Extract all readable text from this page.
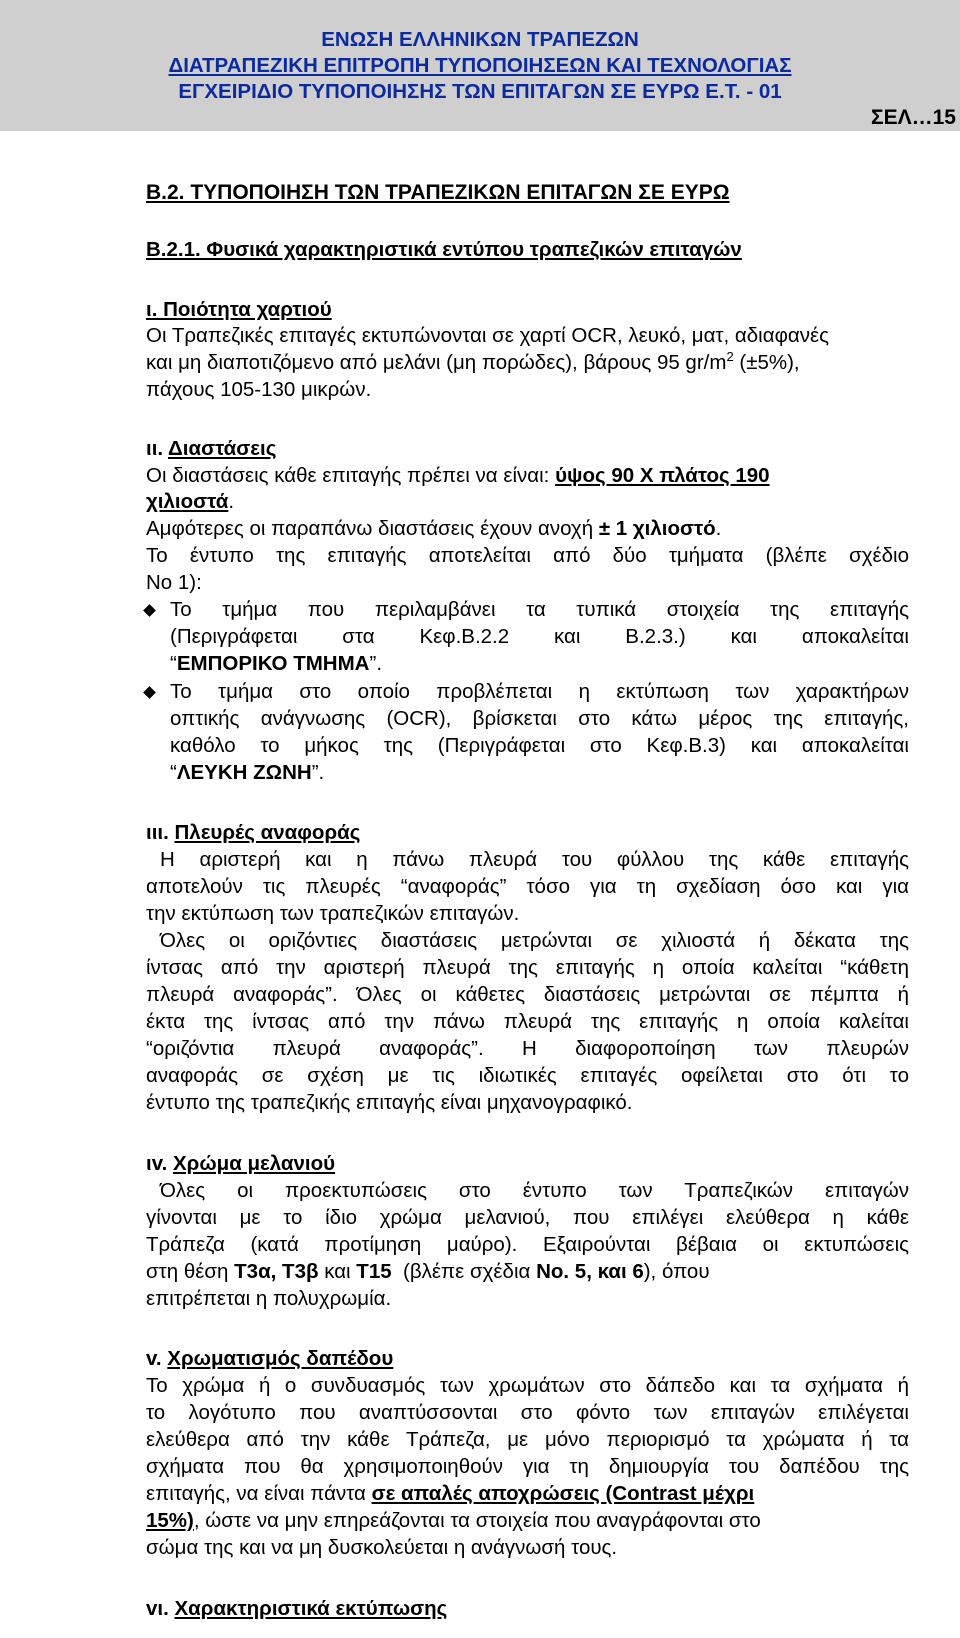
ΕΝΩΣΗ ΕΛΛΗΝΙΚΩΝ ΤΡΑΠΕΖΩΝ
ΔΙΑΤΡΑΠΕΖΙΚΗ ΕΠΙΤΡΟΠΗ ΤΥΠΟΠΟΙΗΣΕΩΝ ΚΑΙ ΤΕΧΝΟΛΟΓΙΑΣ
ΕΓΧΕΙΡΙΔΙΟ ΤΥΠΟΠΟΙΗΣΗΣ ΤΩΝ ΕΠΙΤΑΓΩΝ ΣΕ ΕΥΡΩ Ε.Τ. - 01
ΣΕΛ…15
Β.2. ΤΥΠΟΠΟΙΗΣΗ ΤΩΝ ΤΡΑΠΕΖΙΚΩΝ ΕΠΙΤΑΓΩΝ ΣΕ ΕΥΡΩ
Β.2.1. Φυσικά χαρακτηριστικά εντύπου τραπεζικών επιταγών
ι. Ποιότητα χαρτιού
Οι Τραπεζικές επιταγές εκτυπώνονται σε χαρτί OCR, λευκό, ματ, αδιαφανές
και μη διαποτιζόμενο από μελάνι (μη πορώδες), βάρους 95 $gr/m^2$ (±5%),
πάχους 105-130 μικρών.
ιι. Διαστάσεις
Οι διαστάσεις κάθε επιταγής πρέπει να είναι: ύψος 90 Χ πλάτος 190
χιλιοστά.
Αμφότερες οι παραπάνω διαστάσεις έχουν ανοχή ± 1 χιλιοστό.
Το έντυπο της επιταγής αποτελείται από δύο τμήματα (βλέπε σχέδιο
Νο 1):
Το τμήμα που περιλαμβάνει τα τυπικά στοιχεία της επιταγής
(Περιγράφεται στα Κεφ.Β.2.2 και Β.2.3.) και αποκαλείται
“ΕΜΠΟΡΙΚΟ ΤΜΗΜΑ”.
Το τμήμα στο οποίο προβλέπεται η εκτύπωση των χαρακτήρων
οπτικής ανάγνωσης (OCR), βρίσκεται στο κάτω μέρος της επιταγής,
καθόλο το μήκος της (Περιγράφεται στο Κεφ.Β.3) και αποκαλείται
“ΛΕΥΚΗ ΖΩΝΗ”.
ιιι. Πλευρές αναφοράς
Η αριστερή και η πάνω πλευρά του φύλλου της κάθε επιταγής
αποτελούν τις πλευρές “αναφοράς” τόσο για τη σχεδίαση όσο και για
την εκτύπωση των τραπεζικών επιταγών.
Όλες οι οριζόντιες διαστάσεις μετρώνται σε χιλιοστά ή δέκατα της
ίντσας από την αριστερή πλευρά της επιταγής η οποία καλείται “κάθετη
πλευρά αναφοράς”. Όλες οι κάθετες διαστάσεις μετρώνται σε πέμπτα ή
έκτα της ίντσας από την πάνω πλευρά της επιταγής η οποία καλείται
“οριζόντια πλευρά αναφοράς”. Η διαφοροποίηση των πλευρών
αναφοράς σε σχέση με τις ιδιωτικές επιταγές οφείλεται στο ότι το
έντυπο της τραπεζικής επιταγής είναι μηχανογραφικό.
ιv. Χρώμα μελανιού
Όλες οι προεκτυπώσεις στο έντυπο των Τραπεζικών επιταγών
γίνονται με το ίδιο χρώμα μελανιού, που επιλέγει ελεύθερα η κάθε
Τράπεζα (κατά προτίμηση μαύρο). Εξαιρούνται βέβαια οι εκτυπώσεις
στη θέση Τ3α, Τ3β και Τ15  (βλέπε σχέδια Νο. 5, και 6), όπου
επιτρέπεται η πολυχρωμία.
v. Χρωματισμός δαπέδου
Το χρώμα ή ο συνδυασμός των χρωμάτων στο δάπεδο και τα σχήματα ή
το λογότυπο που αναπτύσσονται στο φόντο των επιταγών επιλέγεται
ελεύθερα από την κάθε Τράπεζα, με μόνο περιορισμό τα χρώματα ή τα
σχήματα που θα χρησιμοποιηθούν για τη δημιουργία του δαπέδου της
επιταγής, να είναι πάντα σε απαλές αποχρώσεις (Contrast μέχρι
15%), ώστε να μην επηρεάζονται τα στοιχεία που αναγράφονται στο
σώμα της και να μη δυσκολεύεται η ανάγνωσή τους.
vι. Χαρακτηριστικά εκτύπωσης
